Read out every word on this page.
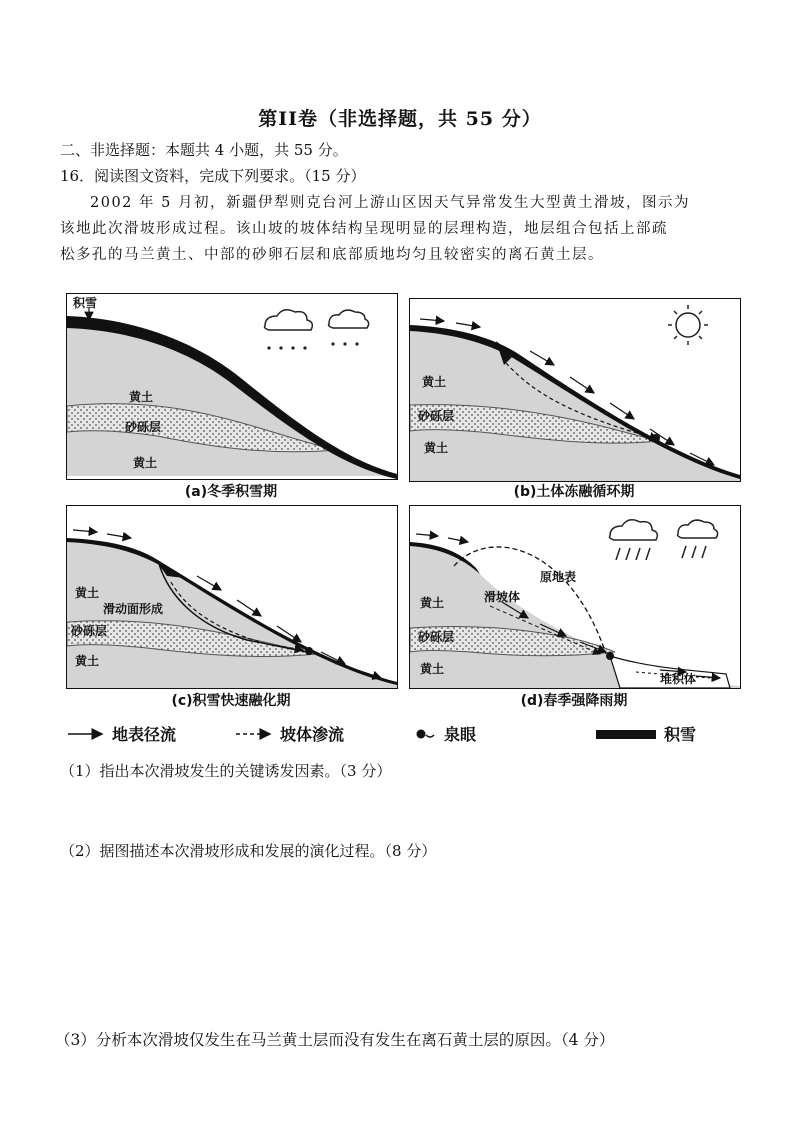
第II卷（非选择题，共 55 分）
二、非选择题：本题共 4 小题，共 55 分。
16．阅读图文资料，完成下列要求。（15 分）
2002 年 5 月初，新疆伊犁则克台河上游山区因天气异常发生大型黄土滑坡，图示为
该地此次滑坡形成过程。该山坡的坡体结构呈现明显的层理构造，地层组合包括上部疏
松多孔的马兰黄土、中部的砂卵石层和底部质地均匀且较密实的离石黄土层。
积雪
黄土
砂砾层
黄土
(a)冬季积雪期
黄土
砂砾层
黄土
(b)土体冻融循环期
黄土
滑动面形成
砂砾层
黄土
(c)积雪快速融化期
原地表
滑坡体
黄土
砂砾层
黄土
堆积体
(d)春季强降雨期
地表径流	坡体渗流	泉眼	积雪
（1）指出本次滑坡发生的关键诱发因素。（3 分）
（2）据图描述本次滑坡形成和发展的演化过程。（8 分）
（3）分析本次滑坡仅发生在马兰黄土层而没有发生在离石黄土层的原因。（4 分）
